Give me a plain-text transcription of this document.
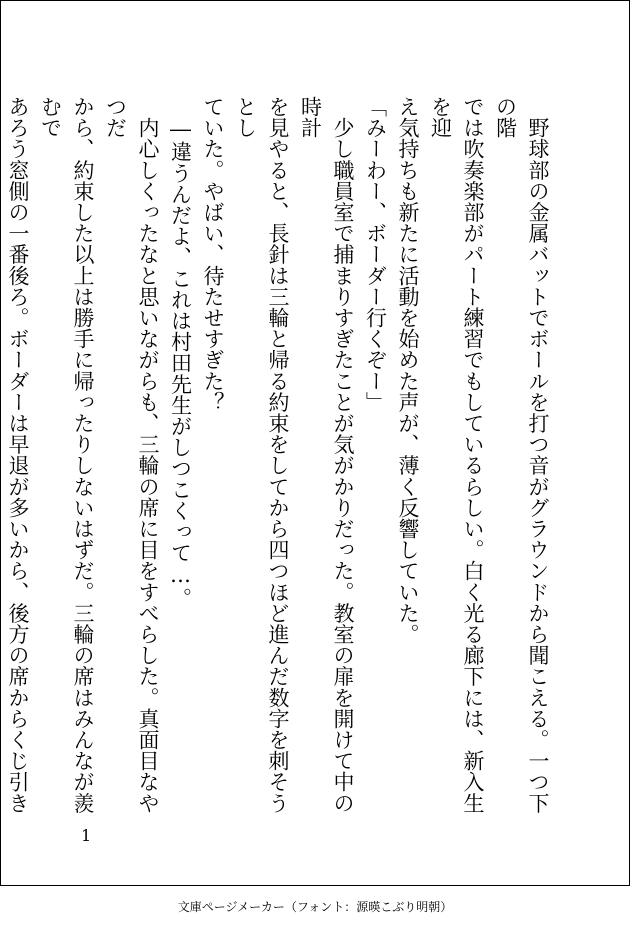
　野球部の金属バットでボールを打つ音がグラウンドから聞こえる。一つ下の階

では吹奏楽部がパート練習でもしているらしい。白く光る廊下には、新入生を迎

え気持ちも新たに活動を始めた声が、薄く反響していた。

「みーわー、ボーダー行くぞー」

　少し職員室で捕まりすぎたことが気がかりだった。教室の扉を開けて中の時計

を見やると、長針は三輪と帰る約束をしてから四つほど進んだ数字を刺そうとし

ていた。やばい、待たせすぎた？

　―違うんだよ、これは村田先生がしつこくって…。

　内心しくったなと思いながらも、三輪の席に目をすべらした。真面目なやつだ

から、約束した以上は勝手に帰ったりしないはずだ。三輪の席はみんなが羨むで

あろう窓側の一番後ろ。ボーダーは早退が多いから、後方の席からくじ引き

1

文庫ページメーカー（フォント：源暎こぶり明朝）
